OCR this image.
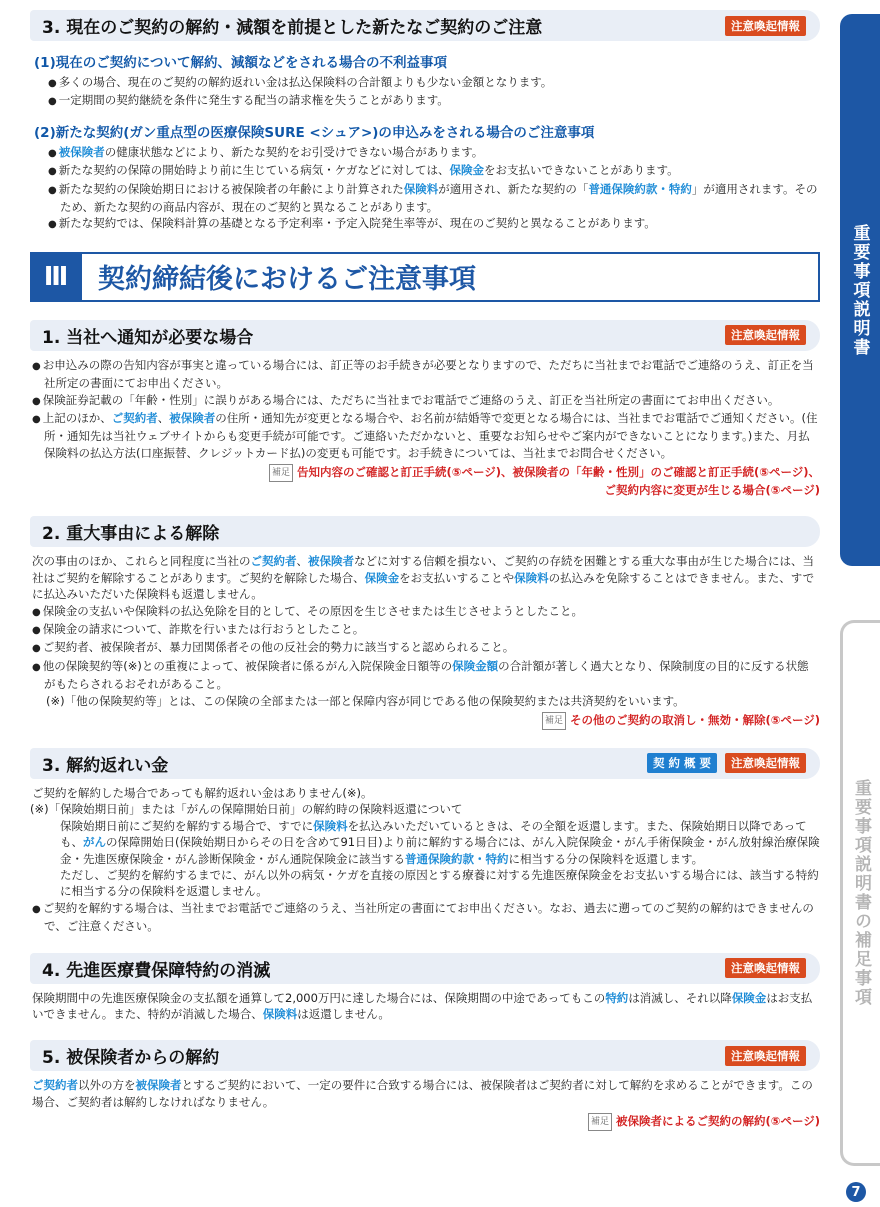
重要事項説明書
重要事項説明書の補足事項
7
3. 現在のご契約の解約・減額を前提とした新たなご契約のご注意	注意喚起情報
(1)現在のご契約について解約、減額などをされる場合の不利益事項
● 多くの場合、現在のご契約の解約返れい金は払込保険料の合計額よりも少ない金額となります。
● 一定期間の契約継続を条件に発生する配当の請求権を失うことがあります。
(2)新たな契約(ガン重点型の医療保険SURE <シュア>)の申込みをされる場合のご注意事項
● 被保険者の健康状態などにより、新たな契約をお引受けできない場合があります。
● 新たな契約の保障の開始時より前に生じている病気・ケガなどに対しては、保険金をお支払いできないことがあります。
● 新たな契約の保険始期日における被保険者の年齢により計算された保険料が適用され、新たな契約の「普通保険約款・特約」が適用されます。そのため、新たな契約の商品内容が、現在のご契約と異なることがあります。
● 新たな契約では、保険料計算の基礎となる予定利率・予定入院発生率等が、現在のご契約と異なることがあります。
Ⅲ	契約締結後におけるご注意事項
1. 当社へ通知が必要な場合	注意喚起情報
● お申込みの際の告知内容が事実と違っている場合には、訂正等のお手続きが必要となりますので、ただちに当社までお電話でご連絡のうえ、訂正を当社所定の書面にてお申出ください。
● 保険証券記載の「年齢・性別」に誤りがある場合には、ただちに当社までお電話でご連絡のうえ、訂正を当社所定の書面にてお申出ください。
● 上記のほか、ご契約者、被保険者の住所・通知先が変更となる場合や、お名前が結婚等で変更となる場合には、当社までお電話でご通知ください。(住所・通知先は当社ウェブサイトからも変更手続が可能です。ご連絡いただかないと、重要なお知らせやご案内ができないことになります。)また、月払保険料の払込方法(口座振替、クレジットカード払)の変更も可能です。お手続きについては、当社までお問合せください。
補足 告知内容のご確認と訂正手続(⑤ページ)、被保険者の「年齢・性別」のご確認と訂正手続(⑤ページ)、
ご契約内容に変更が生じる場合(⑤ページ)
2. 重大事由による解除

次の事由のほか、これらと同程度に当社のご契約者、被保険者などに対する信頼を損ない、ご契約の存続を困難とする重大な事由が生じた場合には、当社はご契約を解除することがあります。ご契約を解除した場合、保険金をお支払いすることや保険料の払込みを免除することはできません。また、すでに払込みいただいた保険料も返還しません。

● 保険金の支払いや保険料の払込免除を目的として、その原因を生じさせまたは生じさせようとしたこと。
● 保険金の請求について、詐欺を行いまたは行おうとしたこと。
● ご契約者、被保険者が、暴力団関係者その他の反社会的勢力に該当すると認められること。
● 他の保険契約等(※)との重複によって、被保険者に係るがん入院保険金日額等の保険金額の合計額が著しく過大となり、保険制度の目的に反する状態がもたらされるおそれがあること。
(※)「他の保険契約等」とは、この保険の全部または一部と保障内容が同じである他の保険契約または共済契約をいいます。
補足 その他のご契約の取消し・無効・解除(⑤ページ)
3. 解約返れい金	契 約 概 要	注意喚起情報

ご契約を解約した場合であっても解約返れい金はありません(※)。

(※)「保険始期日前」または「がんの保障開始日前」の解約時の保険料返還について
保険始期日前にご契約を解約する場合で、すでに保険料を払込みいただいているときは、その全額を返還します。また、保険始期日以降であっても、がんの保障開始日(保険始期日からその日を含めて91日目)より前に解約する場合には、がん入院保険金・がん手術保険金・がん放射線治療保険金・先進医療保険金・がん診断保険金・がん通院保険金に該当する普通保険約款・特約に相当する分の保険料を返還します。
ただし、ご契約を解約するまでに、がん以外の病気・ケガを直接の原因とする療養に対する先進医療保険金をお支払いする場合には、該当する特約に相当する分の保険料を返還しません。
● ご契約を解約する場合は、当社までお電話でご連絡のうえ、当社所定の書面にてお申出ください。なお、過去に遡ってのご契約の解約はできませんので、ご注意ください。
4. 先進医療費保障特約の消滅	注意喚起情報

保険期間中の先進医療保険金の支払額を通算して2,000万円に達した場合には、保険期間の中途であってもこの特約は消滅し、それ以降保険金はお支払いできません。また、特約が消滅した場合、保険料は返還しません。

5. 被保険者からの解約	注意喚起情報

ご契約者以外の方を被保険者とするご契約において、一定の要件に合致する場合には、被保険者はご契約者に対して解約を求めることができます。この場合、ご契約者は解約しなければなりません。

補足 被保険者によるご契約の解約(⑤ページ)
